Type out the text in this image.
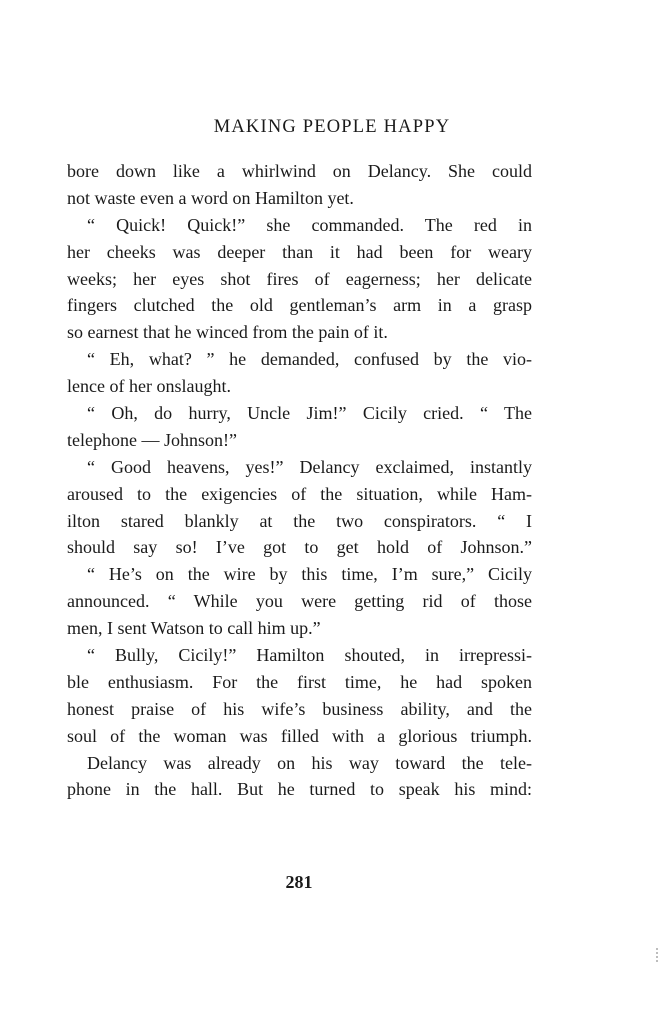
MAKING PEOPLE HAPPY
bore down like a whirlwind on Delancy. She could
not waste even a word on Hamilton yet.
“ Quick! Quick!” she commanded. The red in
her cheeks was deeper than it had been for weary
weeks; her eyes shot fires of eagerness; her delicate
fingers clutched the old gentleman’s arm in a grasp
so earnest that he winced from the pain of it.
“ Eh, what? ” he demanded, confused by the vio-
lence of her onslaught.
“ Oh, do hurry, Uncle Jim!” Cicily cried. “ The
telephone — Johnson!”
“ Good heavens, yes!” Delancy exclaimed, instantly
aroused to the exigencies of the situation, while Ham-
ilton stared blankly at the two conspirators. “ I
should say so! I’ve got to get hold of Johnson.”
“ He’s on the wire by this time, I’m sure,” Cicily
announced. “ While you were getting rid of those
men, I sent Watson to call him up.”
“ Bully, Cicily!” Hamilton shouted, in irrepressi-
ble enthusiasm. For the first time, he had spoken
honest praise of his wife’s business ability, and the
soul of the woman was filled with a glorious triumph.
Delancy was already on his way toward the tele-
phone in the hall. But he turned to speak his mind:
281
